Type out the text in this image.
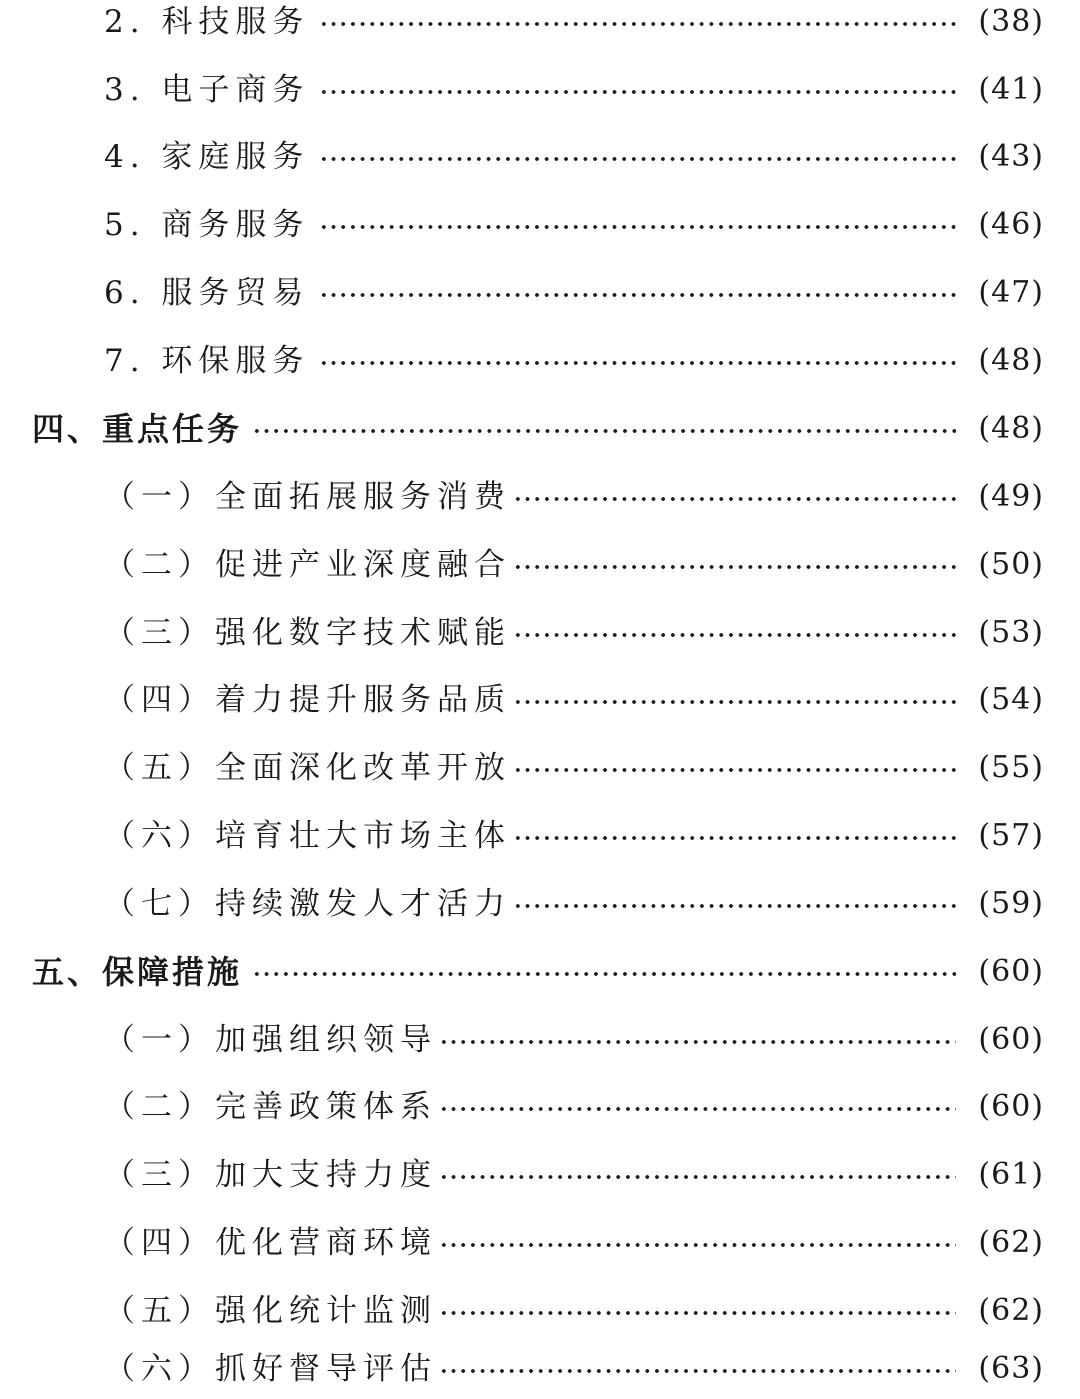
2. 科技服务	(38)
3. 电子商务	(41)
4. 家庭服务	(43)
5. 商务服务	(46)
6. 服务贸易	(47)
7. 环保服务	(48)
四、重点任务	(48)
（一）全面拓展服务消费	(49)
（二）促进产业深度融合	(50)
（三）强化数字技术赋能	(53)
（四）着力提升服务品质	(54)
（五）全面深化改革开放	(55)
（六）培育壮大市场主体	(57)
（七）持续激发人才活力	(59)
五、保障措施	(60)
（一）加强组织领导	(60)
（二）完善政策体系	(60)
（三）加大支持力度	(61)
（四）优化营商环境	(62)
（五）强化统计监测	(62)
（六）抓好督导评估	(63)
